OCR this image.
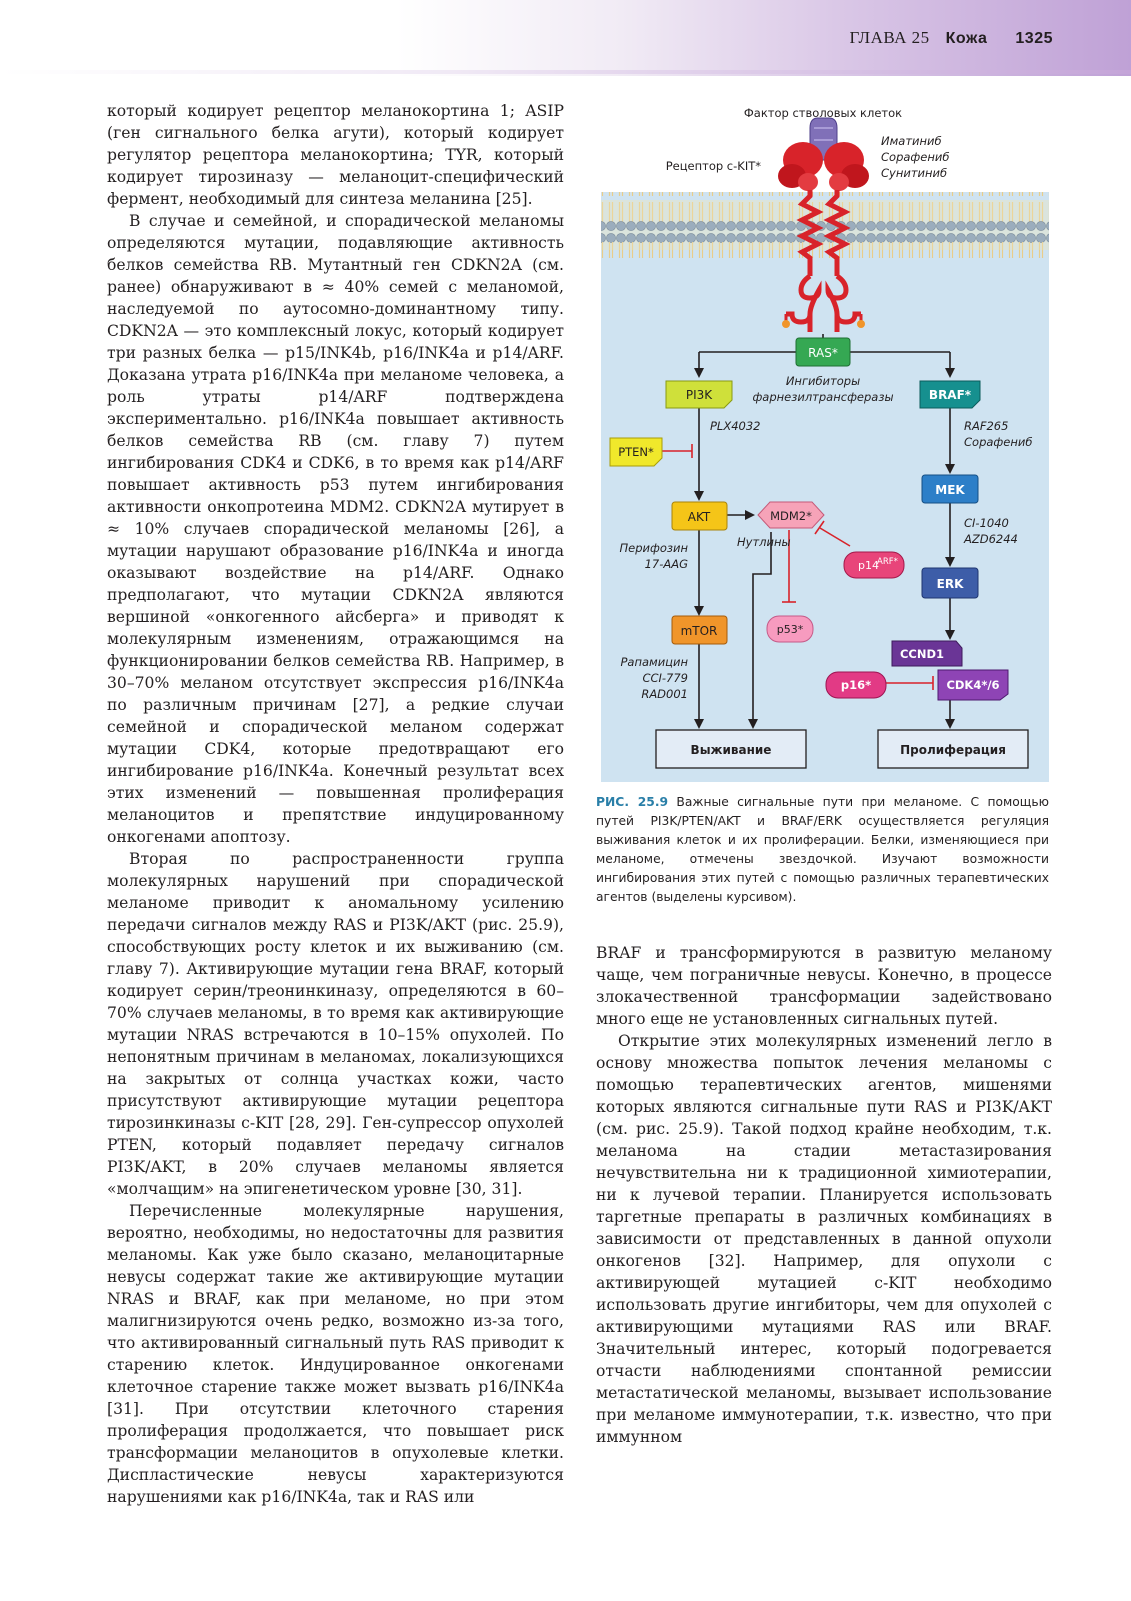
ГЛАВА 25 Кожа 1325

который кодирует рецептор меланокортина 1; ASIP (ген сигнального белка агути), который кодирует регулятор рецептора меланокортина; TYR, который кодирует тирозиназу — меланоцит-специфический фермент, необходимый для синтеза меланина [25].

В случае и семейной, и спорадической меланомы определяются мутации, подавляющие активность белков семейства RB. Мутантный ген CDKN2A (см. ранее) обнаруживают в ≈ 40% семей с меланомой, наследуемой по аутосомно-доминантному типу. CDKN2A — это комплексный локус, который кодирует три разных белка — p15/INK4b, p16/INK4a и p14/ARF. Доказана утрата p16/INK4a при меланоме человека, а роль утраты p14/ARF подтверждена экспериментально. p16/INK4a повышает активность белков семейства RB (см. главу 7) путем ингибирования CDK4 и CDK6, в то время как p14/ARF повышает активность p53 путем ингибирования активности онкопротеина MDM2. CDKN2A мутирует в ≈ 10% случаев спорадической меланомы [26], а мутации нарушают образование p16/INK4a и иногда оказывают воздействие на p14/ARF. Однако предполагают, что мутации CDKN2A являются вершиной «онкогенного айсберга» и приводят к молекулярным изменениям, отражающимся на функционировании белков семейства RB. Например, в 30–70% меланом отсутствует экспрессия p16/INK4a по различным причинам [27], а редкие случаи семейной и спорадической меланом содержат мутации CDK4, которые предотвращают его ингибирование p16/INK4a. Конечный результат всех этих изменений — повышенная пролиферация меланоцитов и препятствие индуцированному онкогенами апоптозу.

Вторая по распространенности группа молекулярных нарушений при спорадической меланоме приводит к аномальному усилению передачи сигналов между RAS и PI3K/AKT (рис. 25.9), способствующих росту клеток и их выживанию (см. главу 7). Активирующие мутации гена BRAF, который кодирует серин/треонинкиназу, определяются в 60–70% случаев меланомы, в то время как активирующие мутации NRAS встречаются в 10–15% опухолей. По непонятным причинам в меланомах, локализующихся на закрытых от солнца участках кожи, часто присутствуют активирующие мутации рецептора тирозинкиназы c-KIT [28, 29]. Ген-супрессор опухолей PTEN, который подавляет передачу сигналов PI3K/AKT, в 20% случаев меланомы является «молчащим» на эпигенетическом уровне [30, 31].

Перечисленные молекулярные нарушения, вероятно, необходимы, но недостаточны для развития меланомы. Как уже было сказано, меланоцитарные невусы содержат такие же активирующие мутации NRAS и BRAF, как при меланоме, но при этом малигнизируются очень редко, возможно из-за того, что активированный сигнальный путь RAS приводит к старению клеток. Индуцированное онкогенами клеточное старение также может вызвать p16/INK4a [31]. При отсутствии клеточного старения пролиферация продолжается, что повышает риск трансформации меланоцитов в опухолевые клетки. Диспластические невусы характеризуются нарушениями как p16/INK4a, так и RAS или

Фактор стволовых клеток
Рецептор c-KIT*
Иматиниб
Сорафениб
Сунитиниб
RAS*
PI3K	BRAF*
PTEN*
AKT	MDM2*
p14
ARF*
p53*
mTOR
MEK
ERK
CCND1
CDK4*/6
p16*
Выживание	Пролиферация
Ингибиторы
фарнезилтрансферазы
PLX4032	RAF265
Сорафениб
CI-1040
AZD6244
Перифозин
17-AAG
Нутлины
Рапамицин
CCI-779
RAD001
РИС. 25.9 Важные сигнальные пути при меланоме. С помощью путей PI3K/PTEN/AKT и BRAF/ERK осуществляется регуляция выживания клеток и их пролиферации. Белки, изменяющиеся при меланоме, отмечены звездочкой. Изучают возможности ингибирования этих путей с помощью различных терапевтических агентов (выделены курсивом).

BRAF и трансформируются в развитую меланому чаще, чем пограничные невусы. Конечно, в процессе злокачественной трансформации задействовано много еще не установленных сигнальных путей.

Открытие этих молекулярных изменений легло в основу множества попыток лечения меланомы с помощью терапевтических агентов, мишенями которых являются сигнальные пути RAS и PI3K/AKT (см. рис. 25.9). Такой подход крайне необходим, т.к. меланома на стадии метастазирования нечувствительна ни к традиционной химиотерапии, ни к лучевой терапии. Планируется использовать таргетные препараты в различных комбинациях в зависимости от представленных в данной опухоли онкогенов [32]. Например, для опухоли с активирующей мутацией c-KIT необходимо использовать другие ингибиторы, чем для опухолей с активирующими мутациями RAS или BRAF. Значительный интерес, который подогревается отчасти наблюдениями спонтанной ремиссии метастатической меланомы, вызывает использование при меланоме иммунотерапии, т.к. известно, что при иммунном
